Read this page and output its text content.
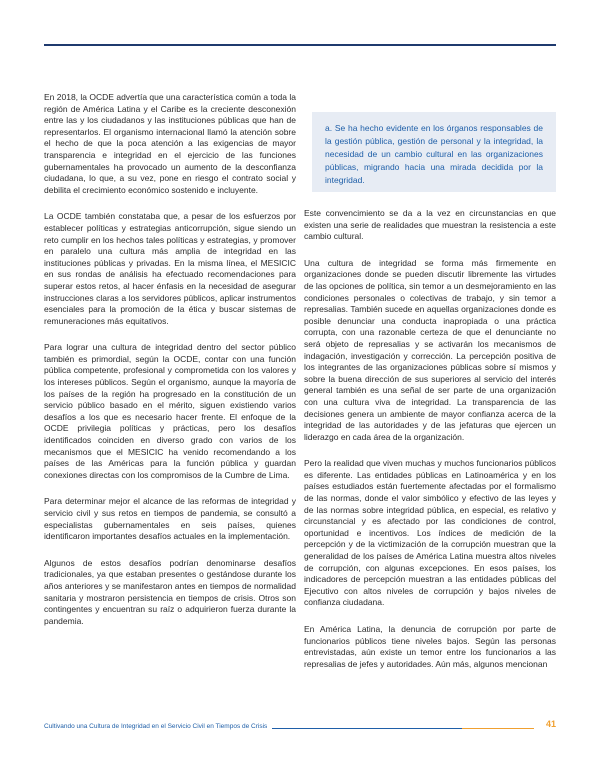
En 2018, la OCDE advertía que una característica común a toda la región de América Latina y el Caribe es la creciente desconexión entre las y los ciudadanos y las instituciones públicas que han de representarlos. El organismo internacional llamó la atención sobre el hecho de que la poca atención a las exigencias de mayor transparencia e integridad en el ejercicio de las funciones gubernamentales ha provocado un aumento de la desconfianza ciudadana, lo que, a su vez, pone en riesgo el contrato social y debilita el crecimiento económico sostenido e incluyente.

La OCDE también constataba que, a pesar de los esfuerzos por establecer políticas y estrategias anticorrupción, sigue siendo un reto cumplir en los hechos tales políticas y estrategias, y promover en paralelo una cultura más amplia de integridad en las instituciones públicas y privadas. En la misma línea, el MESICIC en sus rondas de análisis ha efectuado recomendaciones para superar estos retos, al hacer énfasis en la necesidad de asegurar instrucciones claras a los servidores públicos, aplicar instrumentos esenciales para la promoción de la ética y buscar sistemas de remuneraciones más equitativos.

Para lograr una cultura de integridad dentro del sector público también es primordial, según la OCDE, contar con una función pública competente, profesional y comprometida con los valores y los intereses públicos. Según el organismo, aunque la mayoría de los países de la región ha progresado en la constitución de un servicio público basado en el mérito, siguen existiendo varios desafíos a los que es necesario hacer frente. El enfoque de la OCDE privilegia políticas y prácticas, pero los desafíos identificados coinciden en diverso grado con varios de los mecanismos que el MESICIC ha venido recomendando a los países de las Américas para la función pública y guardan conexiones directas con los compromisos de la Cumbre de Lima.

Para determinar mejor el alcance de las reformas de integridad y servicio civil y sus retos en tiempos de pandemia, se consultó a especialistas gubernamentales en seis países, quienes identificaron importantes desafíos actuales en la implementación.

Algunos de estos desafíos podrían denominarse desafíos tradicionales, ya que estaban presentes o gestándose durante los años anteriores y se manifestaron antes en tiempos de normalidad sanitaria y mostraron persistencia en tiempos de crisis. Otros son contingentes y encuentran su raíz o adquirieron fuerza durante la pandemia.

a. Se ha hecho evidente en los órganos responsables de la gestión pública, gestión de personal y la integridad, la necesidad de un cambio cultural en las organizaciones públicas, migrando hacia una mirada decidida por la integridad.

Este convencimiento se da a la vez en circunstancias en que existen una serie de realidades que muestran la resistencia a este cambio cultural.

Una cultura de integridad se forma más firmemente en organizaciones donde se pueden discutir libremente las virtudes de las opciones de política, sin temor a un desmejoramiento en las condiciones personales o colectivas de trabajo, y sin temor a represalias. También sucede en aquellas organizaciones donde es posible denunciar una conducta inapropiada o una práctica corrupta, con una razonable certeza de que el denunciante no será objeto de represalias y se activarán los mecanismos de indagación, investigación y corrección. La percepción positiva de los integrantes de las organizaciones públicas sobre sí mismos y sobre la buena dirección de sus superiores al servicio del interés general también es una señal de ser parte de una organización con una cultura viva de integridad. La transparencia de las decisiones genera un ambiente de mayor confianza acerca de la integridad de las autoridades y de las jefaturas que ejercen un liderazgo en cada área de la organización.

Pero la realidad que viven muchas y muchos funcionarios públicos es diferente. Las entidades públicas en Latinoamérica y en los países estudiados están fuertemente afectadas por el formalismo de las normas, donde el valor simbólico y efectivo de las leyes y de las normas sobre integridad pública, en especial, es relativo y circunstancial y es afectado por las condiciones de control, oportunidad e incentivos. Los índices de medición de la percepción y de la victimización de la corrupción muestran que la generalidad de los países de América Latina muestra altos niveles de corrupción, con algunas excepciones. En esos países, los indicadores de percepción muestran a las entidades públicas del Ejecutivo con altos niveles de corrupción y bajos niveles de confianza ciudadana.

En América Latina, la denuncia de corrupción por parte de funcionarios públicos tiene niveles bajos. Según las personas entrevistadas, aún existe un temor entre los funcionarios a las represalias de jefes y autoridades. Aún más, algunos mencionan

Cultivando una Cultura de Integridad en el Servicio Civil en Tiempos de Crisis	41
